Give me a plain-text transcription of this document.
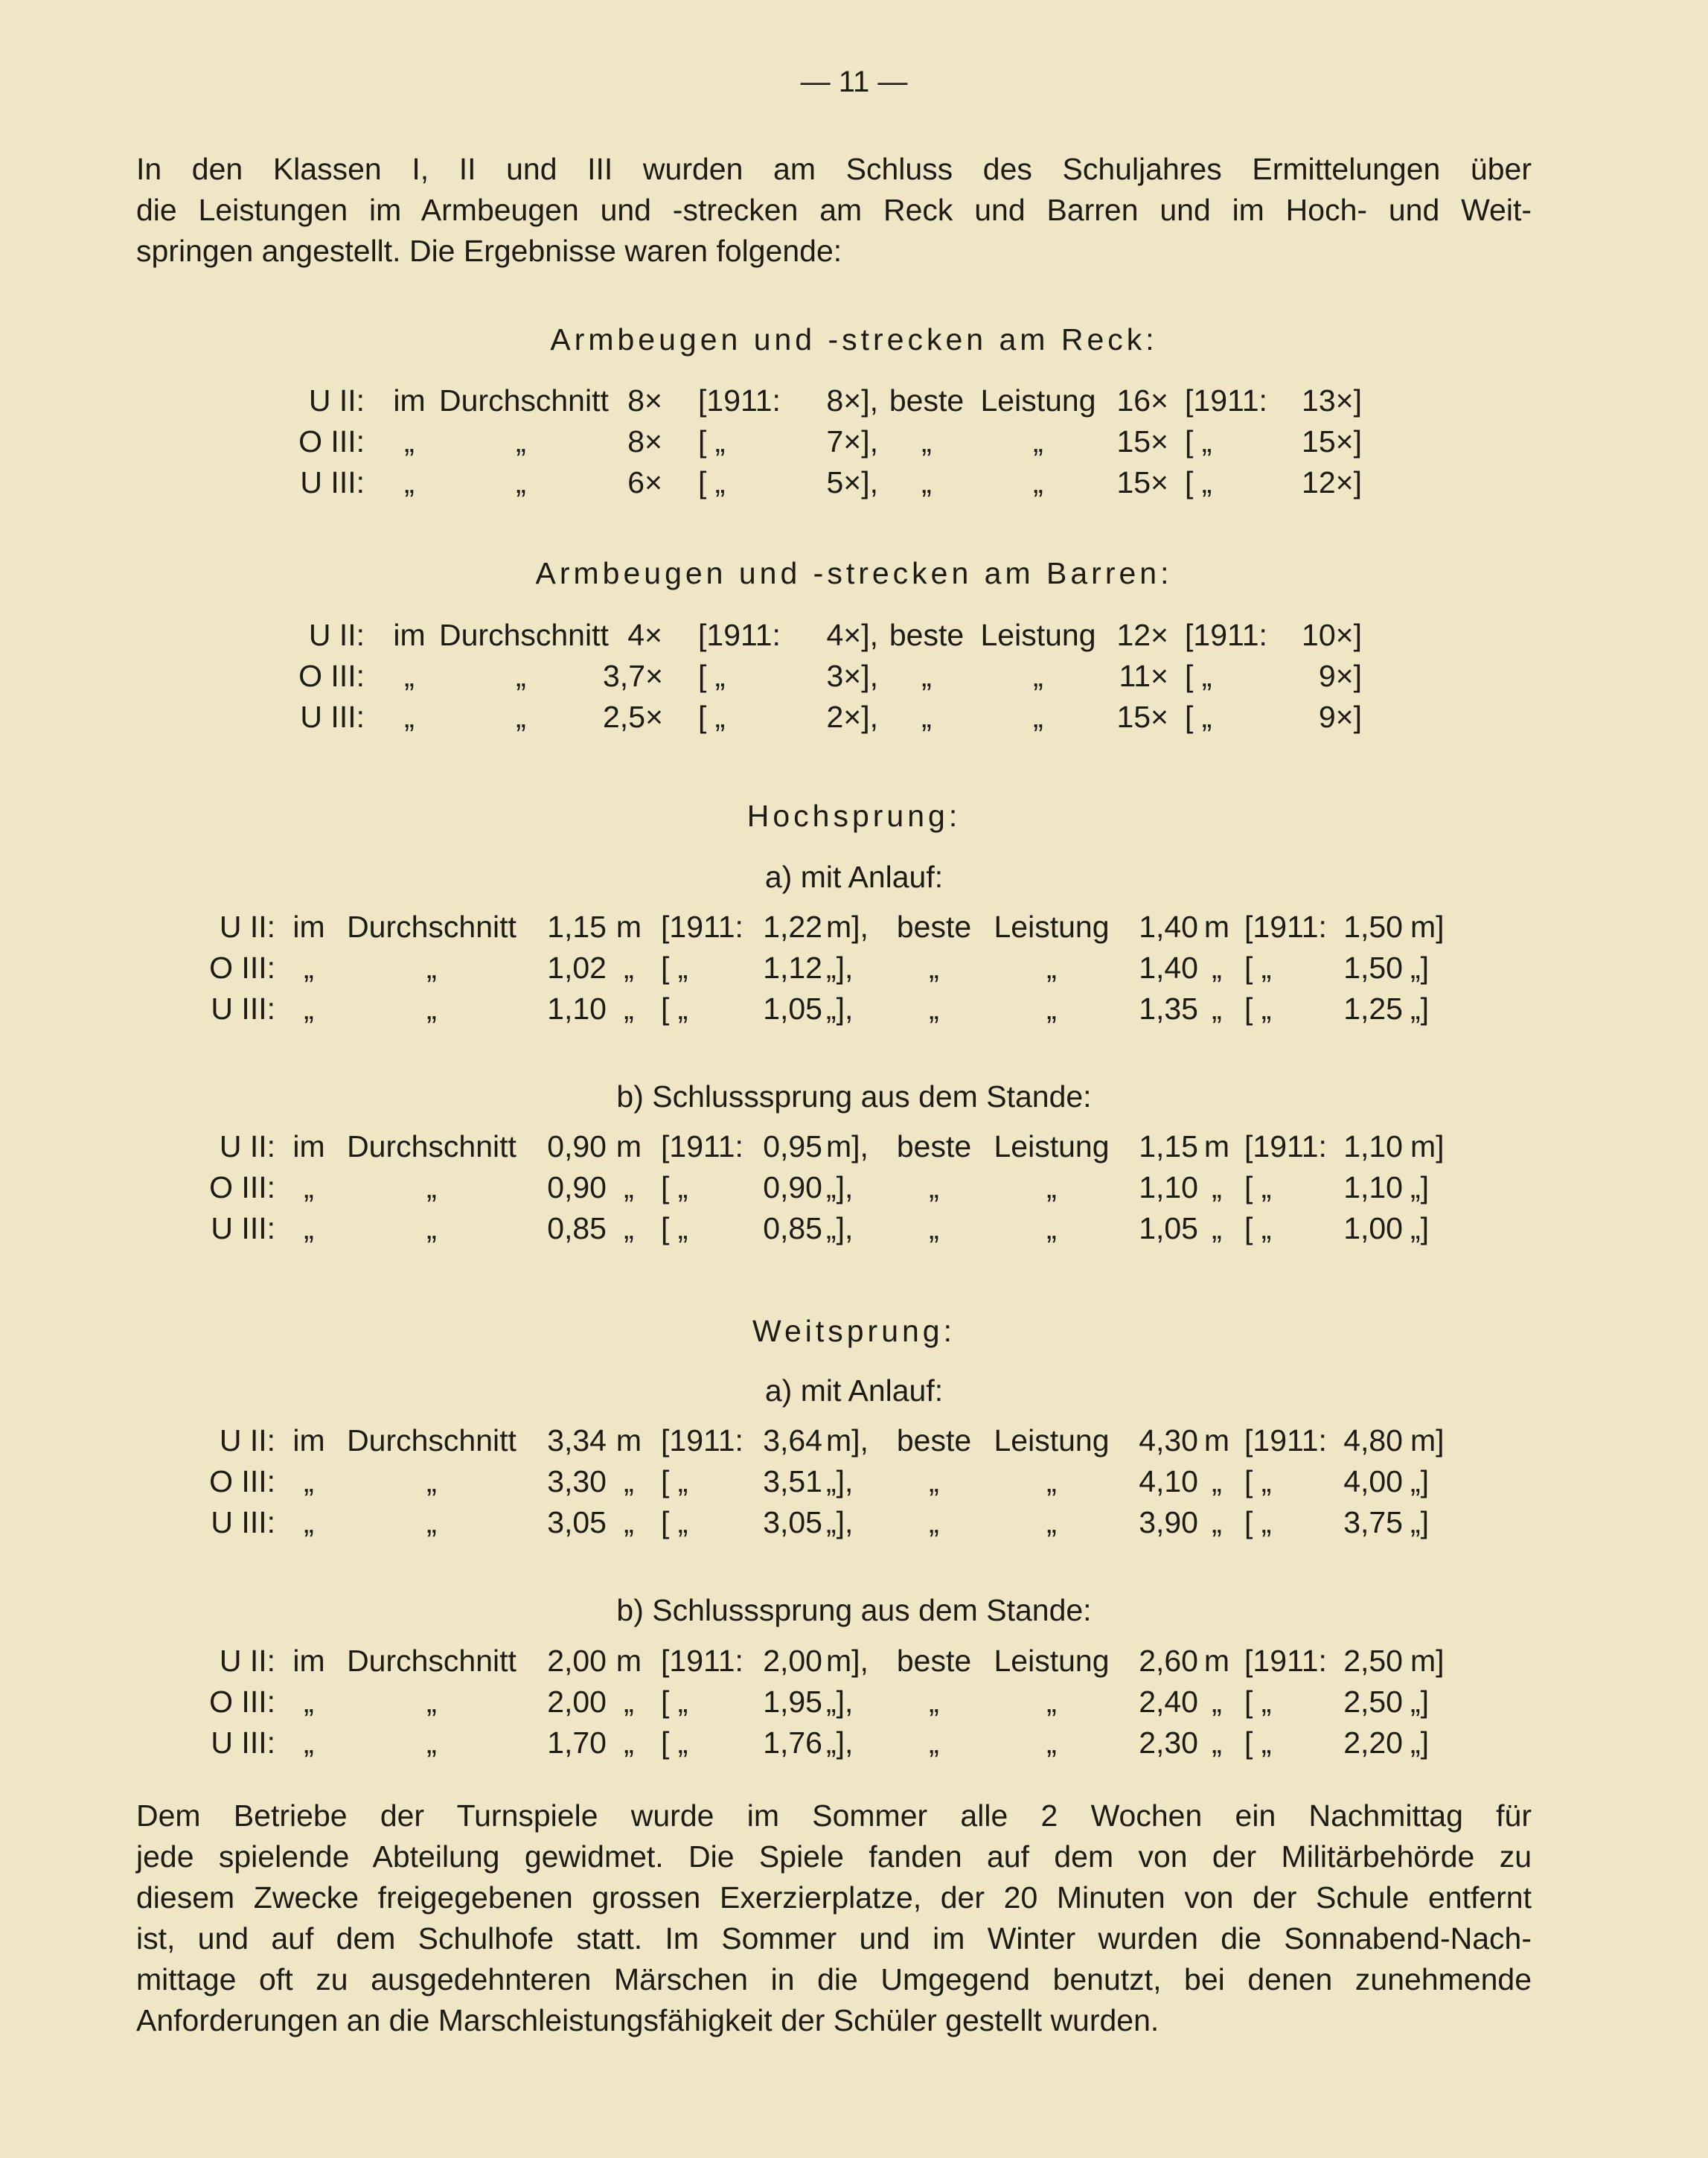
— 11 —
In den Klassen I, II und III wurden am Schluss des Schuljahres Ermittelungen über
die Leistungen im Armbeugen und -strecken am Reck und Barren und im Hoch- und Weit-
springen angestellt. Die Ergebnisse waren folgende:
Armbeugen und -strecken am Reck:
U II: im Durchschnitt 8× [1911:	8×], beste Leistung 16× [1911:	13×]
O III:	„	„	8× [ „	7×],	„	„	15× [ „	15×]
U III:	„	„	6× [ „	5×],	„	„	15× [ „	12×]
Armbeugen und -strecken am Barren:
U II: im Durchschnitt 4× [1911:	4×], beste Leistung 12× [1911:	10×]
O III:	„	„	3,7× [ „	3×],	„	„	11× [ „	9×]
U III:	„	„	2,5× [ „	2×],	„	„	15× [ „	9×]
Hochsprung:
a) mit Anlauf:
U II: im Durchschnitt	1,15 m [1911: 1,22 m], beste Leistung 1,40 m [1911: 1,50 m]
O III: „	„	1,02 „ [ „	1,12 „],	„	„	1,40 „ [ „	1,50 „]
U III: „	„	1,10 „ [ „	1,05 „],	„	„	1,35 „ [ „	1,25 „]
b) Schlusssprung aus dem Stande:
U II: im Durchschnitt	0,90 m [1911: 0,95 m], beste Leistung 1,15 m [1911: 1,10 m]
O III: „	„	0,90 „ [ „	0,90 „],	„	„	1,10 „ [ „	1,10 „]
U III: „	„	0,85 „ [ „	0,85 „],	„	„	1,05 „ [ „	1,00 „]
Weitsprung:
a) mit Anlauf:
U II: im Durchschnitt	3,34 m [1911: 3,64 m], beste Leistung 4,30 m [1911: 4,80 m]
O III: „	„	3,30 „ [ „	3,51 „],	„	„	4,10 „ [ „	4,00 „]
U III: „	„	3,05 „ [ „	3,05 „],	„	„	3,90 „ [ „	3,75 „]
b) Schlusssprung aus dem Stande:
U II: im Durchschnitt	2,00 m [1911: 2,00 m], beste Leistung 2,60 m [1911: 2,50 m]
O III: „	„	2,00 „ [ „	1,95 „],	„	„	2,40 „ [ „	2,50 „]
U III: „	„	1,70 „ [ „	1,76 „],	„	„	2,30 „ [ „	2,20 „]
Dem Betriebe der Turnspiele wurde im Sommer alle 2 Wochen ein Nachmittag für
jede spielende Abteilung gewidmet. Die Spiele fanden auf dem von der Militärbehörde zu
diesem Zwecke freigegebenen grossen Exerzierplatze, der 20 Minuten von der Schule entfernt
ist, und auf dem Schulhofe statt. Im Sommer und im Winter wurden die Sonnabend-Nach-
mittage oft zu ausgedehnteren Märschen in die Umgegend benutzt, bei denen zunehmende
Anforderungen an die Marschleistungsfähigkeit der Schüler gestellt wurden.
